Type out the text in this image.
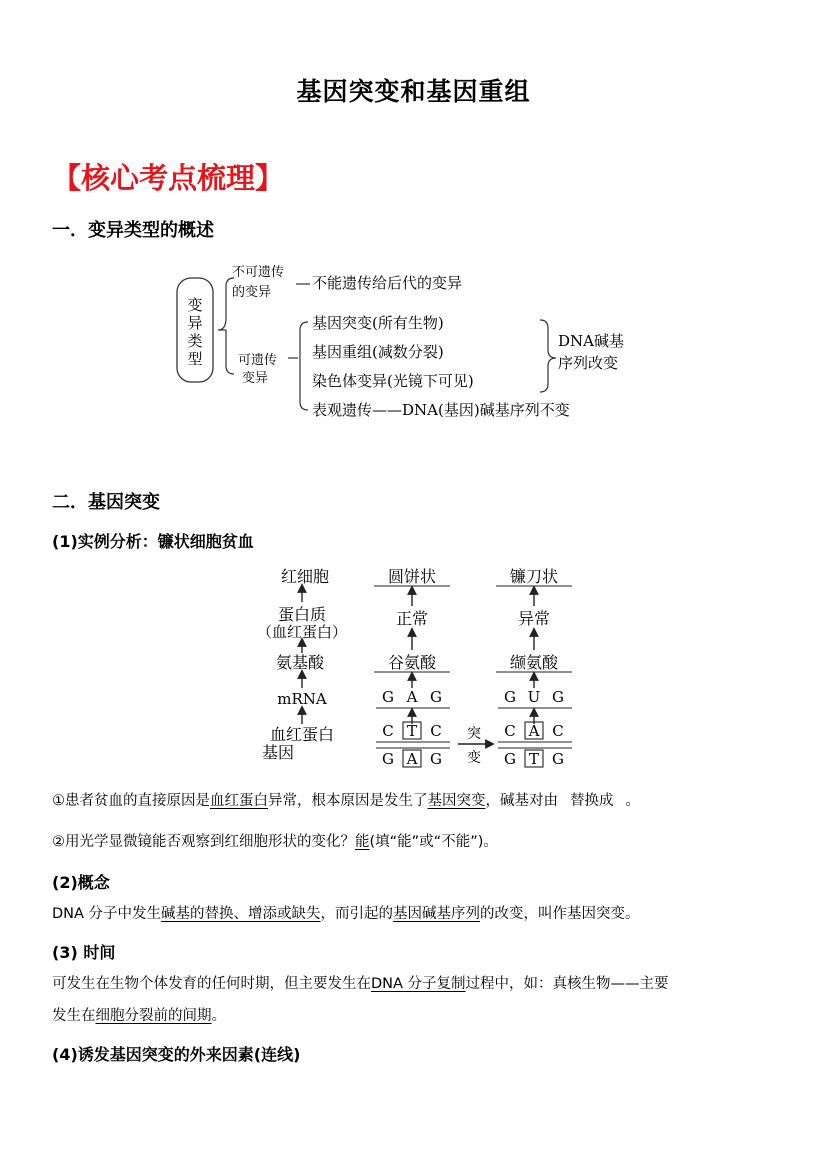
基因突变和基因重组
【核心考点梳理】
一．变异类型的概述
变
异
类
型
不可遗传
的变异
不能遗传给后代的变异
可遗传
变异
基因突变(所有生物)
基因重组(减数分裂)
染色体变异(光镜下可见)
表观遗传——DNA(基因)碱基序列不变
DNA碱基
序列改变
二．基因突变
(1)实例分析：镰状细胞贫血
红细胞
蛋白质
（血红蛋白）
氨基酸
mRNA
血红蛋白
基因
圆饼状
正常
谷氨酸
G A G
C T C
G A G
突
变
镰刀状
异常
缬氨酸
G U G
C A C
G T G
①患者贫血的直接原因是血红蛋白异常，根本原因是发生了基因突变，碱基对由 替换成 。
②用光学显微镜能否观察到红细胞形状的变化？能(填“能”或“不能”)。
(2)概念
DNA 分子中发生碱基的替换、增添或缺失，而引起的基因碱基序列的改变，叫作基因突变。
(3) 时间
可发生在生物个体发育的任何时期，但主要发生在DNA 分子复制过程中，如：真核生物——主要
发生在细胞分裂前的间期。
(4)诱发基因突变的外来因素(连线)
